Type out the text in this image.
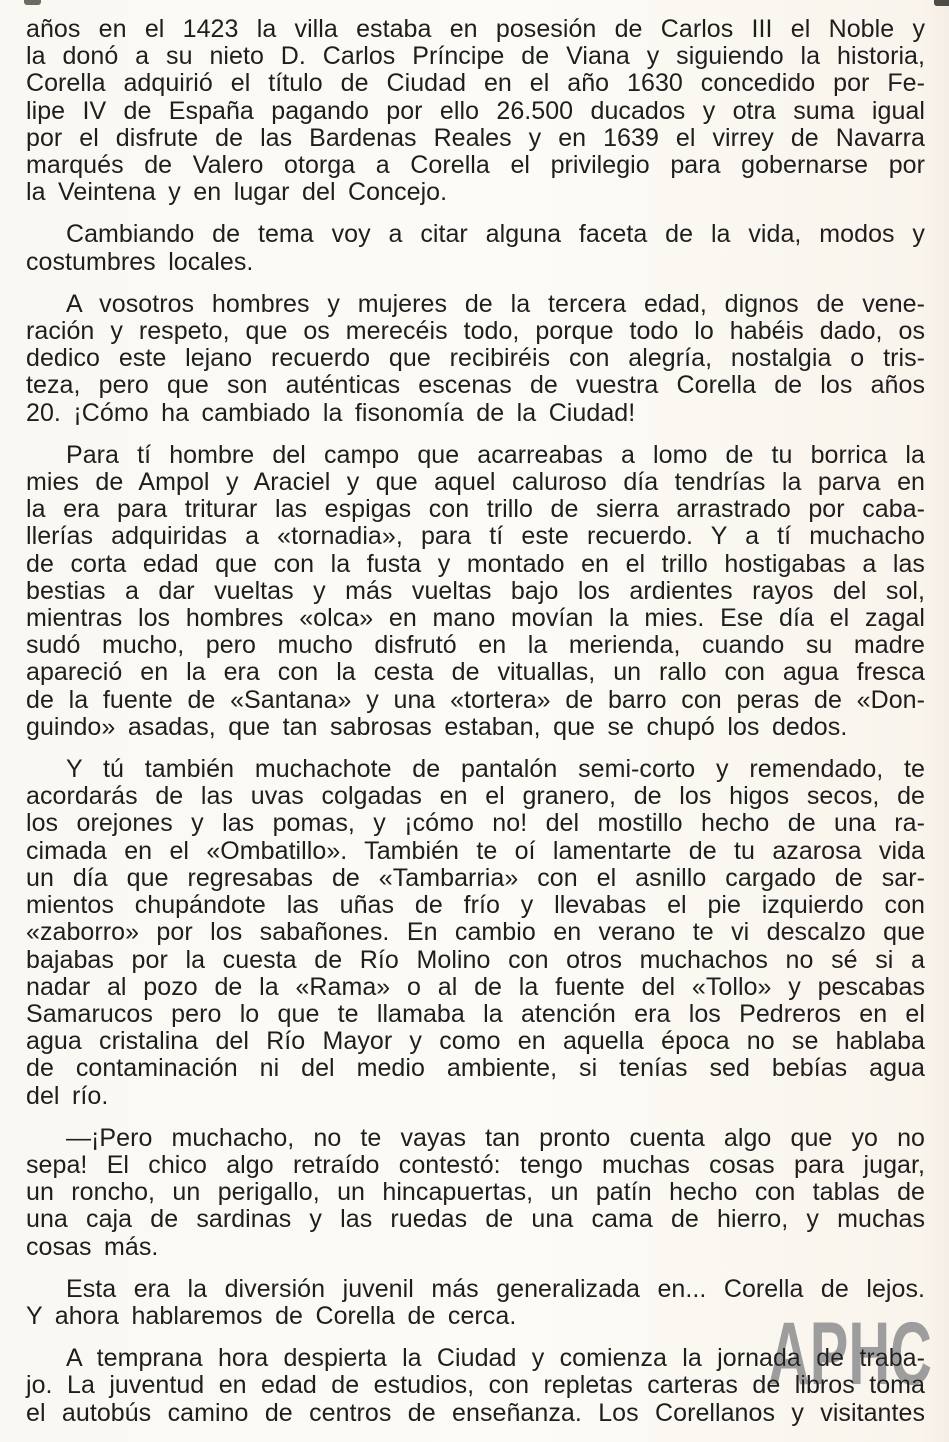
años en el 1423 la villa estaba en posesión de Carlos III el Noble y
la donó a su nieto D. Carlos Príncipe de Viana y siguiendo la historia,
Corella adquirió el título de Ciudad en el año 1630 concedido por Fe-
lipe IV de España pagando por ello 26.500 ducados y otra suma igual
por el disfrute de las Bardenas Reales y en 1639 el virrey de Navarra
marqués de Valero otorga a Corella el privilegio para gobernarse por
la Veintena y en lugar del Concejo.
Cambiando de tema voy a citar alguna faceta de la vida, modos y
costumbres locales.
A vosotros hombres y mujeres de la tercera edad, dignos de vene-
ración y respeto, que os merecéis todo, porque todo lo habéis dado, os
dedico este lejano recuerdo que recibiréis con alegría, nostalgia o tris-
teza, pero que son auténticas escenas de vuestra Corella de los años
20. ¡Cómo ha cambiado la fisonomía de la Ciudad!
Para tí hombre del campo que acarreabas a lomo de tu borrica la
mies de Ampol y Araciel y que aquel caluroso día tendrías la parva en
la era para triturar las espigas con trillo de sierra arrastrado por caba-
llerías adquiridas a «tornadia», para tí este recuerdo. Y a tí muchacho
de corta edad que con la fusta y montado en el trillo hostigabas a las
bestias a dar vueltas y más vueltas bajo los ardientes rayos del sol,
mientras los hombres «olca» en mano movían la mies. Ese día el zagal
sudó mucho, pero mucho disfrutó en la merienda, cuando su madre
apareció en la era con la cesta de vituallas, un rallo con agua fresca
de la fuente de «Santana» y una «tortera» de barro con peras de «Don-
guindo» asadas, que tan sabrosas estaban, que se chupó los dedos.
Y tú también muchachote de pantalón semi-corto y remendado, te
acordarás de las uvas colgadas en el granero, de los higos secos, de
los orejones y las pomas, y ¡cómo no! del mostillo hecho de una ra-
cimada en el «Ombatillo». También te oí lamentarte de tu azarosa vida
un día que regresabas de «Tambarria» con el asnillo cargado de sar-
mientos chupándote las uñas de frío y llevabas el pie izquierdo con
«zaborro» por los sabañones. En cambio en verano te vi descalzo que
bajabas por la cuesta de Río Molino con otros muchachos no sé si a
nadar al pozo de la «Rama» o al de la fuente del «Tollo» y pescabas
Samarucos pero lo que te llamaba la atención era los Pedreros en el
agua cristalina del Río Mayor y como en aquella época no se hablaba
de contaminación ni del medio ambiente, si tenías sed bebías agua
del río.
—¡Pero muchacho, no te vayas tan pronto cuenta algo que yo no
sepa! El chico algo retraído contestó: tengo muchas cosas para jugar,
un roncho, un perigallo, un hincapuertas, un patín hecho con tablas de
una caja de sardinas y las ruedas de una cama de hierro, y muchas
cosas más.
Esta era la diversión juvenil más generalizada en... Corella de lejos.
Y ahora hablaremos de Corella de cerca.
A temprana hora despierta la Ciudad y comienza la jornada de traba-
jo. La juventud en edad de estudios, con repletas carteras de libros toma
el autobús camino de centros de enseñanza. Los Corellanos y visitantes
APHC
